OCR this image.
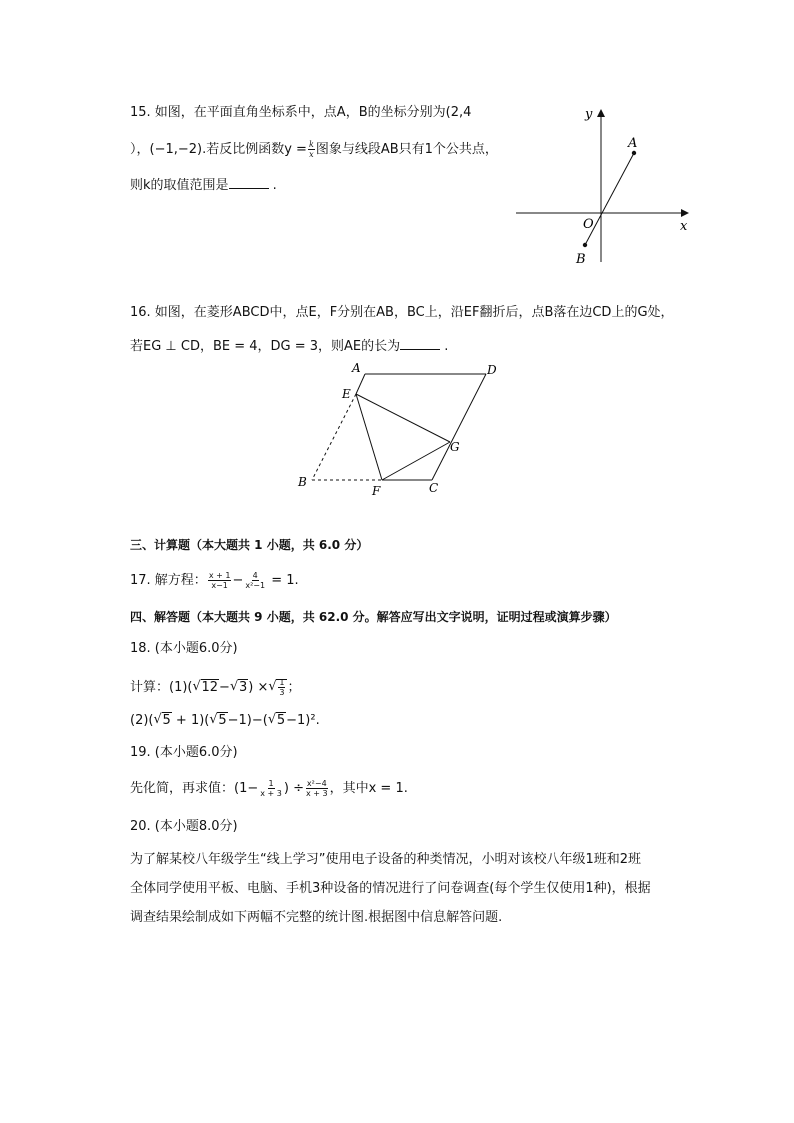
15. 如图，在平面直角坐标系中，点A，B的坐标分别为(2,4
），(−1,−2).若反比例函数$y = \frac{k}{x}$ 图象与线段AB只有1个公共点，
则k的取值范围是	.
y
x
O
A
B
16. 如图，在菱形ABCD中，点E，F分别在AB，BC上，沿EF翻折后，点B落在边CD上的G处，
若EG ⊥ CD，BE = 4，DG = 3，则AE的长为	.
A	D
E
G
B
F	C
三、计算题（本大题共 1 小题，共 6.0 分）
17. 解方程： $\frac{x + 1}{x-1} - \frac{4}{\text{x²−1}} = 1$.
四、解答题（本大题共 9 小题，共 62.0 分。解答应写出文字说明，证明过程或演算步骤）
18. (本小题6.0分)
计算：(1)( √ 12− √ 3) × √ $\frac{1}{3}$ ；
(2)( √ 5 + 1)( √ 5−1)−( √ 5−1)².
19. (本小题6.0分)
先化简，再求值：($1- \frac{1}{x + 3}$ ) ÷ $\frac{\text{x²−4}}{x + 3}$ ，其中x = 1.
20. (本小题8.0分)
为了解某校八年级学生“线上学习”使用电子设备的种类情况，小明对该校八年级1班和2班
全体同学使用平板、电脑、手机3种设备的情况进行了问卷调查(每个学生仅使用1种)，根据
调查结果绘制成如下两幅不完整的统计图.根据图中信息解答问题.
